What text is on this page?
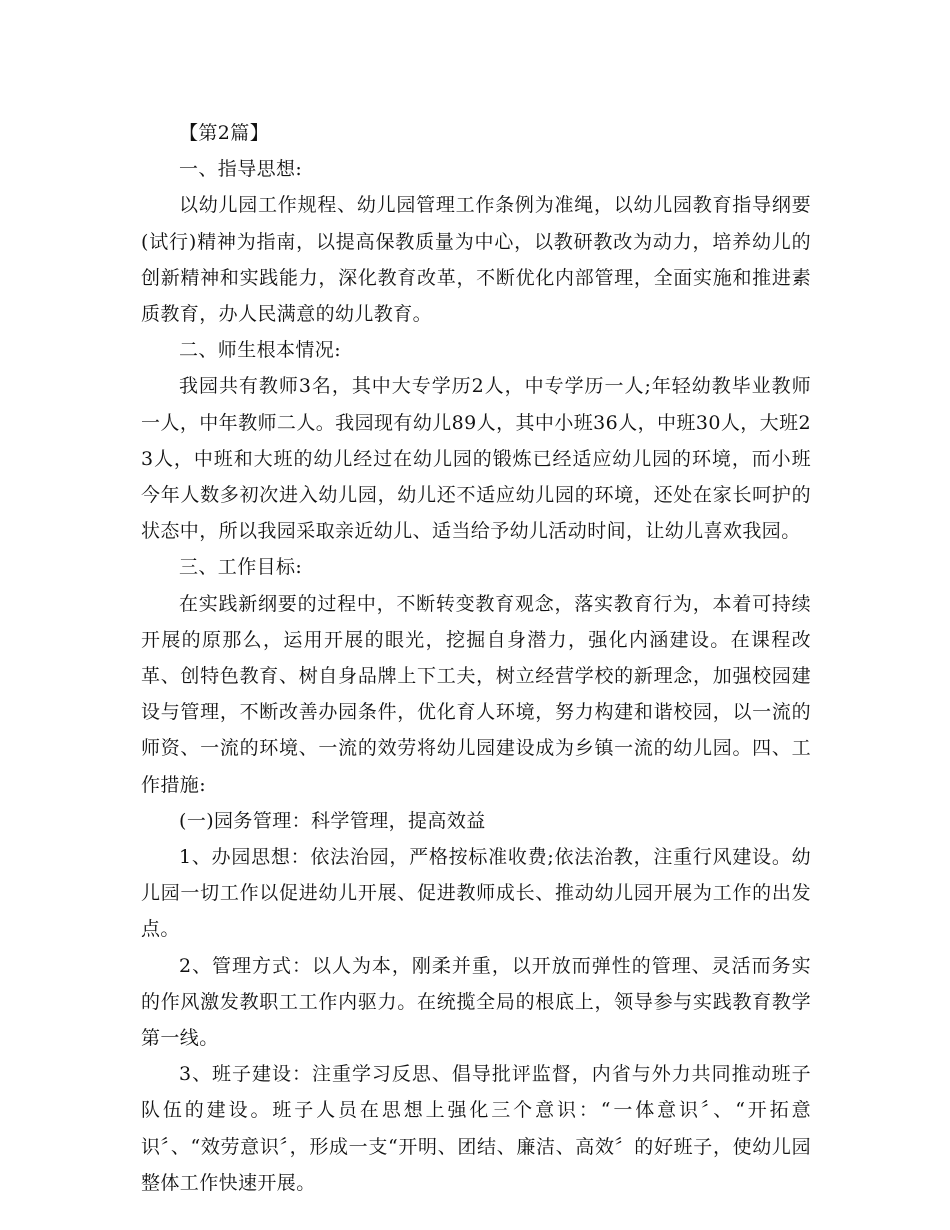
【第2篇】

一、指导思想:

以幼儿园工作规程、幼儿园管理工作条例为准绳，以幼儿园教育指导纲要(试行)精神为指南，以提高保教质量为中心，以教研教改为动力，培养幼儿的创新精神和实践能力，深化教育改革，不断优化内部管理，全面实施和推进素质教育，办人民满意的幼儿教育。

二、师生根本情况:

我园共有教师3名，其中大专学历2人，中专学历一人;年轻幼教毕业教师一人，中年教师二人。我园现有幼儿89人，其中小班36人，中班30人，大班23人，中班和大班的幼儿经过在幼儿园的锻炼已经适应幼儿园的环境，而小班今年人数多初次进入幼儿园，幼儿还不适应幼儿园的环境，还处在家长呵护的状态中，所以我园采取亲近幼儿、适当给予幼儿活动时间，让幼儿喜欢我园。

三、工作目标:

在实践新纲要的过程中，不断转变教育观念，落实教育行为，本着可持续开展的原那么，运用开展的眼光，挖掘自身潜力，强化内涵建设。在课程改革、创特色教育、树自身品牌上下工夫，树立经营学校的新理念，加强校园建设与管理，不断改善办园条件，优化育人环境，努力构建和谐校园，以一流的师资、一流的环境、一流的效劳将幼儿园建设成为乡镇一流的幼儿园。四、工作措施:

(一)园务管理：科学管理，提高效益

1、办园思想：依法治园，严格按标准收费;依法治教，注重行风建设。幼儿园一切工作以促进幼儿开展、促进教师成长、推动幼儿园开展为工作的出发点。

2、管理方式：以人为本，刚柔并重，以开放而弹性的管理、灵活而务实的作风激发教职工工作内驱力。在统揽全局的根底上，领导参与实践教育教学第一线。

3、班子建设：注重学习反思、倡导批评监督，内省与外力共同推动班子队伍的建设。班子人员在思想上强化三个意识：“一体意识〞、“开拓意识〞、“效劳意识〞，形成一支“开明、团结、廉洁、高效〞的好班子，使幼儿园整体工作快速开展。
